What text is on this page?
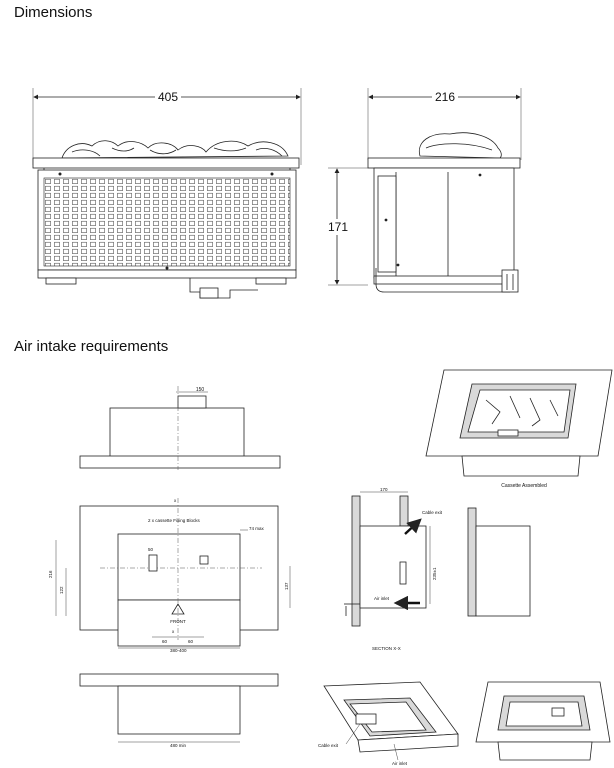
Dimensions
Air intake requirements
405	216
171
150
2 x cassette Fixing Blocks
74 max
50
216
122
137
FRONT
x
x
60	60
380-400
480 min
Cassette Assembled
170
235±1
Cable exit
Air inlet
SECTION X-X
Cable exit
Air inlet
